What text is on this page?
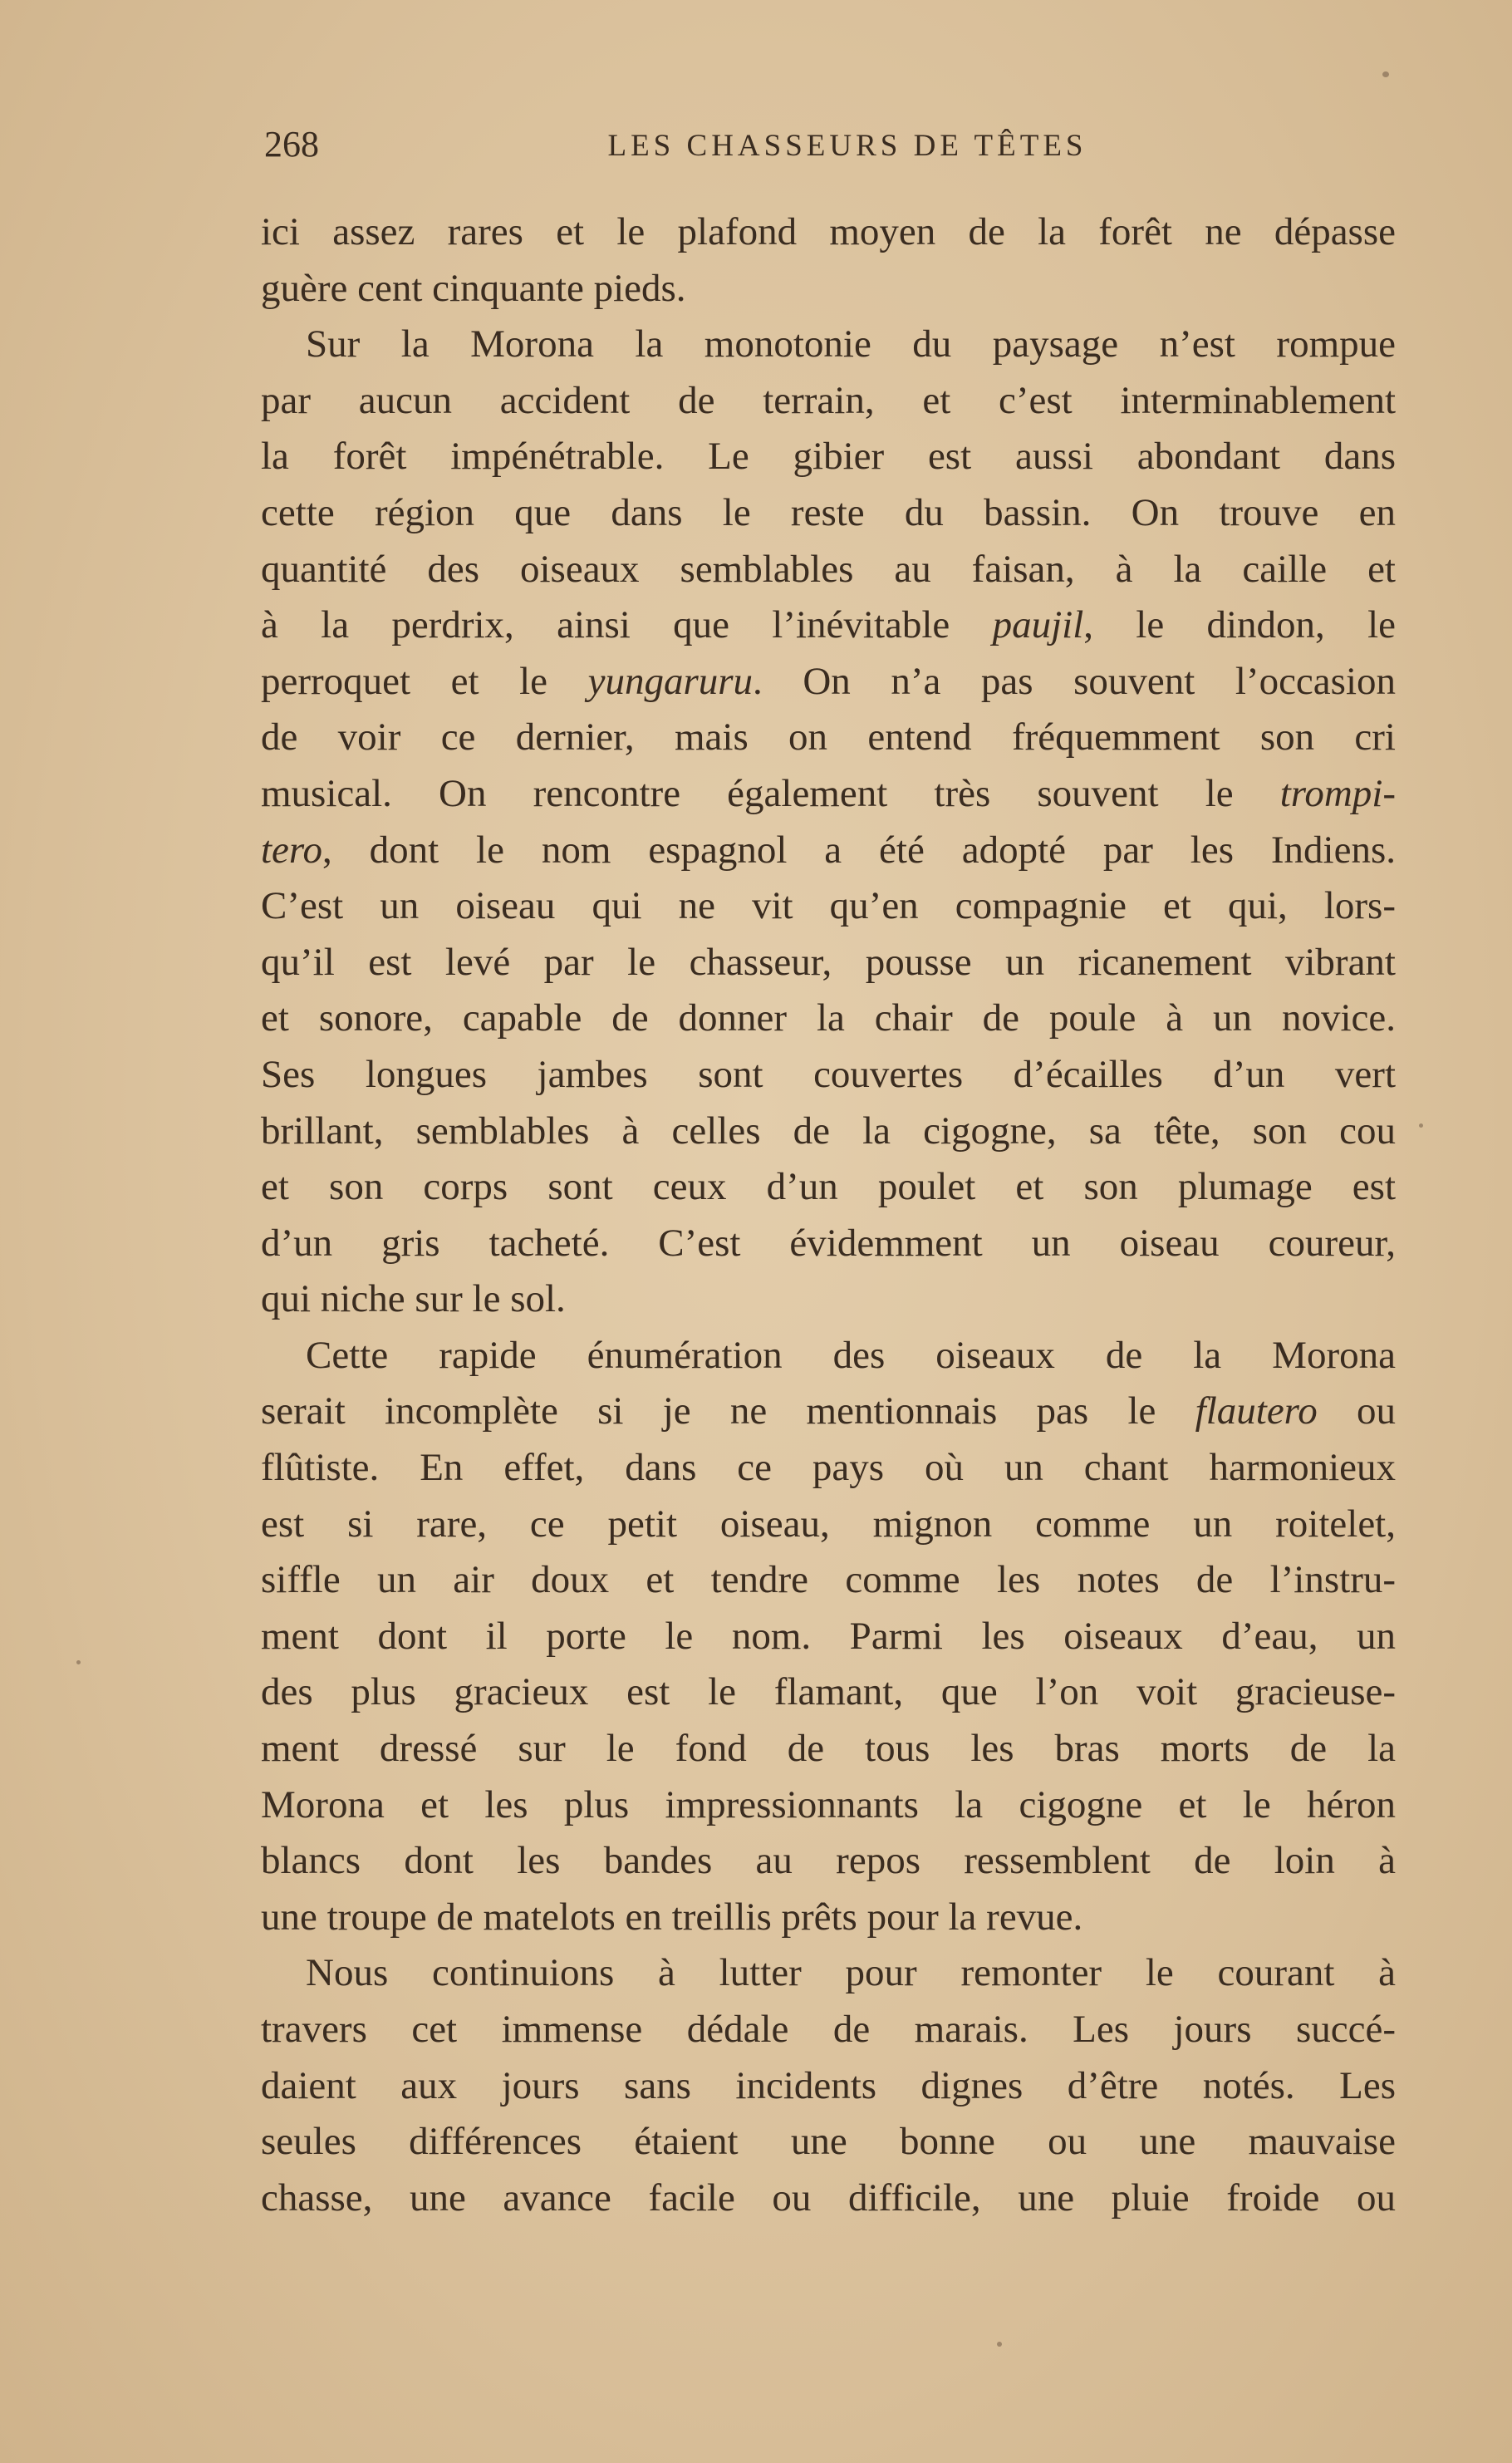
268	LES CHASSEURS DE TÊTES
ici assez rares et le plafond moyen de la forêt ne dépasse
guère cent cinquante pieds.
Sur la Morona la monotonie du paysage n’est rompue
par aucun accident de terrain, et c’est interminablement
la forêt impénétrable. Le gibier est aussi abondant dans
cette région que dans le reste du bassin. On trouve en
quantité des oiseaux semblables au faisan, à la caille et
à la perdrix, ainsi que l’inévitable paujil, le dindon, le
perroquet et le yungaruru. On n’a pas souvent l’occasion
de voir ce dernier, mais on entend fréquemment son cri
musical. On rencontre également très souvent le trompi-
tero, dont le nom espagnol a été adopté par les Indiens.
C’est un oiseau qui ne vit qu’en compagnie et qui, lors-
qu’il est levé par le chasseur, pousse un ricanement vibrant
et sonore, capable de donner la chair de poule à un novice.
Ses longues jambes sont couvertes d’écailles d’un vert
brillant, semblables à celles de la cigogne, sa tête, son cou
et son corps sont ceux d’un poulet et son plumage est
d’un gris tacheté. C’est évidemment un oiseau coureur,
qui niche sur le sol.
Cette rapide énumération des oiseaux de la Morona
serait incomplète si je ne mentionnais pas le flautero ou
flûtiste. En effet, dans ce pays où un chant harmonieux
est si rare, ce petit oiseau, mignon comme un roitelet,
siffle un air doux et tendre comme les notes de l’instru-
ment dont il porte le nom. Parmi les oiseaux d’eau, un
des plus gracieux est le flamant, que l’on voit gracieuse-
ment dressé sur le fond de tous les bras morts de la
Morona et les plus impressionnants la cigogne et le héron
blancs dont les bandes au repos ressemblent de loin à
une troupe de matelots en treillis prêts pour la revue.
Nous continuions à lutter pour remonter le courant à
travers cet immense dédale de marais. Les jours succé-
daient aux jours sans incidents dignes d’être notés. Les
seules différences étaient une bonne ou une mauvaise
chasse, une avance facile ou difficile, une pluie froide ou
